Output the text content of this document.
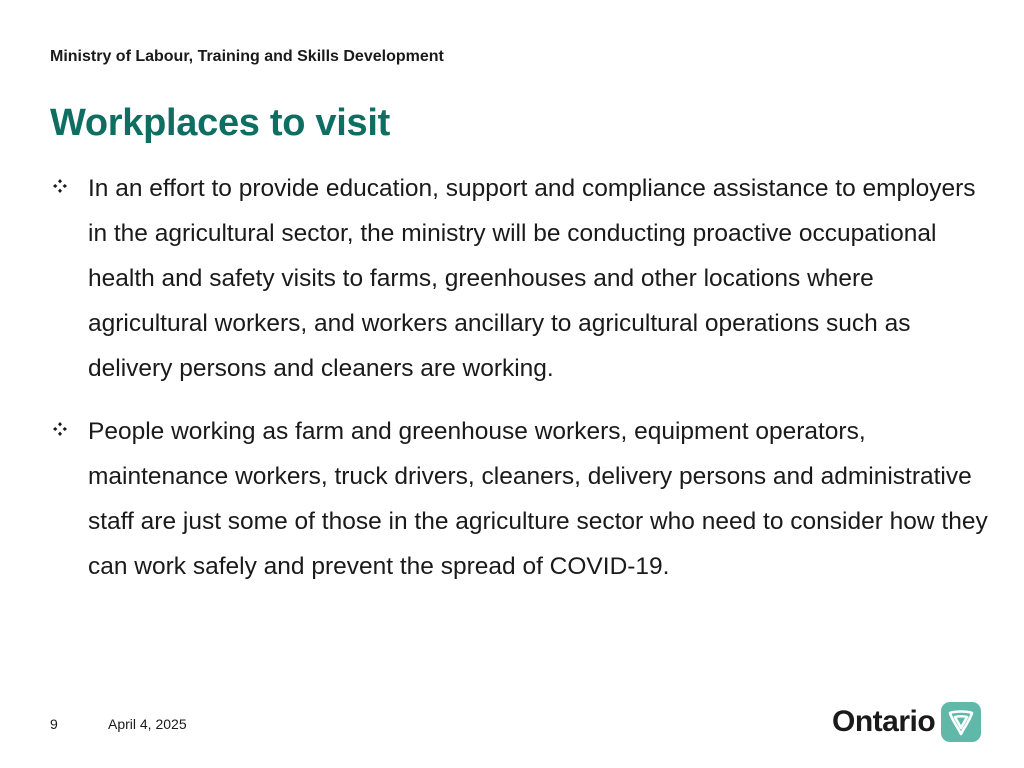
Ministry of Labour, Training and Skills Development
Workplaces to visit
In an effort to provide education, support and compliance assistance to employers in the agricultural sector, the ministry will be conducting proactive occupational health and safety visits to farms, greenhouses and other locations where agricultural workers, and workers ancillary to agricultural operations such as delivery persons and cleaners are working.
People working as farm and greenhouse workers, equipment operators, maintenance workers, truck drivers, cleaners, delivery persons and administrative staff are just some of those in the agriculture sector who need to consider how they can work safely and prevent the spread of COVID-19.
9	April 4, 2025	Ontario
